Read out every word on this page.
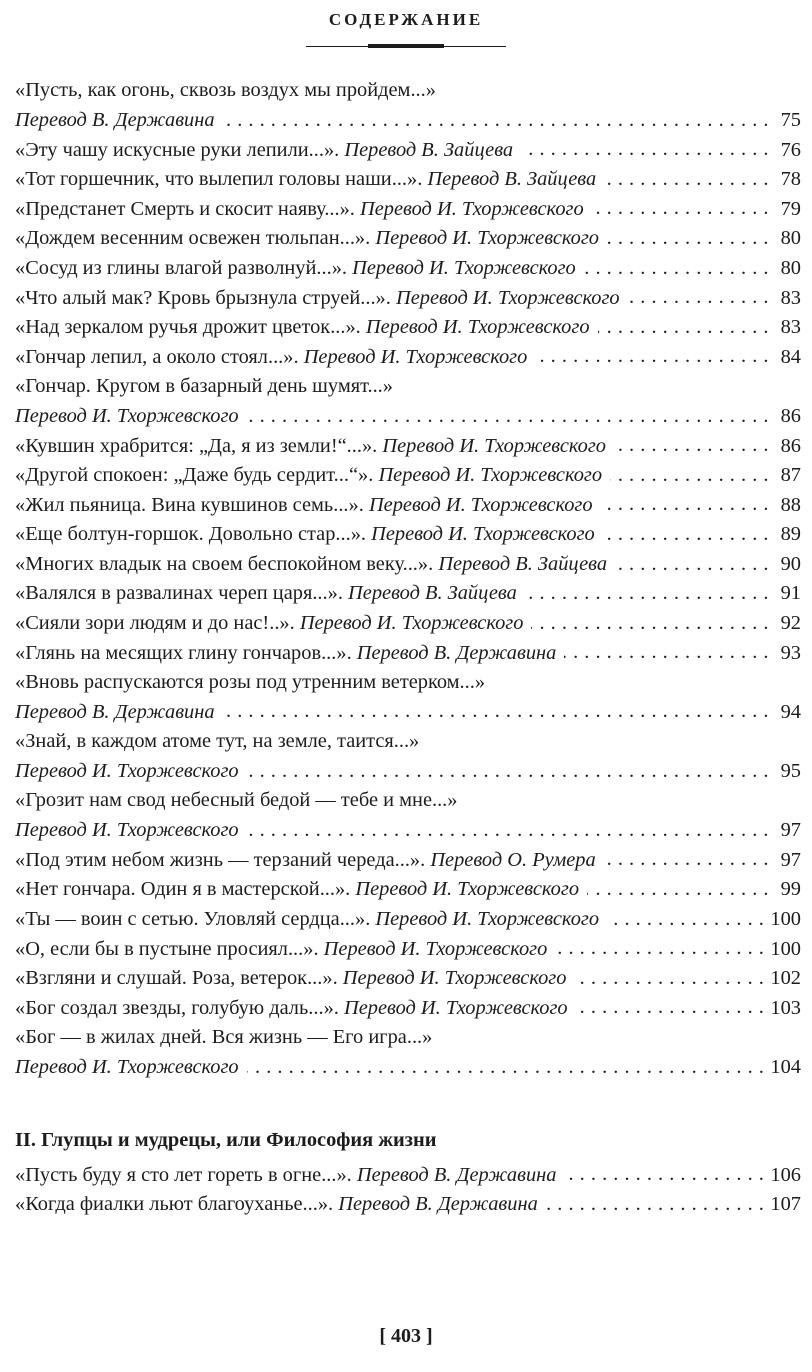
СОДЕРЖАНИЕ
«Пусть, как огонь, сквозь воздух мы пройдем...»
Перевод В. Державина . . .	75
«Эту чашу искусные руки лепили...». Перевод В. Зайцева . . .	76
«Тот горшечник, что вылепил головы наши...». Перевод В. Зайцева . . .	78
«Предстанет Смерть и скосит наяву...». Перевод И. Тхоржевского . . .	79
«Дождем весенним освежен тюльпан...». Перевод И. Тхоржевского . . .	80
«Сосуд из глины влагой разволнуй...». Перевод И. Тхоржевского . . .	80
«Что алый мак? Кровь брызнула струей...». Перевод И. Тхоржевского . . .	83
«Над зеркалом ручья дрожит цветок...». Перевод И. Тхоржевского . . .	83
«Гончар лепил, а около стоял...». Перевод И. Тхоржевского . . .	84
«Гончар. Кругом в базарный день шумят...»
Перевод И. Тхоржевского . . .	86
«Кувшин храбрится: „Да, я из земли!“...». Перевод И. Тхоржевского . . .	86
«Другой спокоен: „Даже будь сердит...“». Перевод И. Тхоржевского . . .	87
«Жил пьяница. Вина кувшинов семь...». Перевод И. Тхоржевского . . .	88
«Еще болтун-горшок. Довольно стар...». Перевод И. Тхоржевского . . .	89
«Многих владык на своем беспокойном веку...». Перевод В. Зайцева . . .	90
«Валялся в развалинах череп царя...». Перевод В. Зайцева . . .	91
«Сияли зори людям и до нас!..». Перевод И. Тхоржевского . . .	92
«Глянь на месящих глину гончаров...». Перевод В. Державина . . .	93
«Вновь распускаются розы под утренним ветерком...»
Перевод В. Державина . . .	94
«Знай, в каждом атоме тут, на земле, таится...»
Перевод И. Тхоржевского . . .	95
«Грозит нам свод небесный бедой — тебе и мне...»
Перевод И. Тхоржевского . . .	97
«Под этим небом жизнь — терзаний череда...». Перевод О. Румера . . .	97
«Нет гончара. Один я в мастерской...». Перевод И. Тхоржевского . . .	99
«Ты — воин с сетью. Уловляй сердца...». Перевод И. Тхоржевского . . .	100
«О, если бы в пустыне просиял...». Перевод И. Тхоржевского . . .	100
«Взгляни и слушай. Роза, ветерок...». Перевод И. Тхоржевского . . .	102
«Бог создал звезды, голубую даль...». Перевод И. Тхоржевского . . .	103
«Бог — в жилах дней. Вся жизнь — Его игра...»
Перевод И. Тхоржевского . . .	104
II. Глупцы и мудрецы, или Философия жизни
«Пусть буду я сто лет гореть в огне...». Перевод В. Державина . . .	106
«Когда фиалки льют благоуханье...». Перевод В. Державина . . .	107
[ 403 ]
